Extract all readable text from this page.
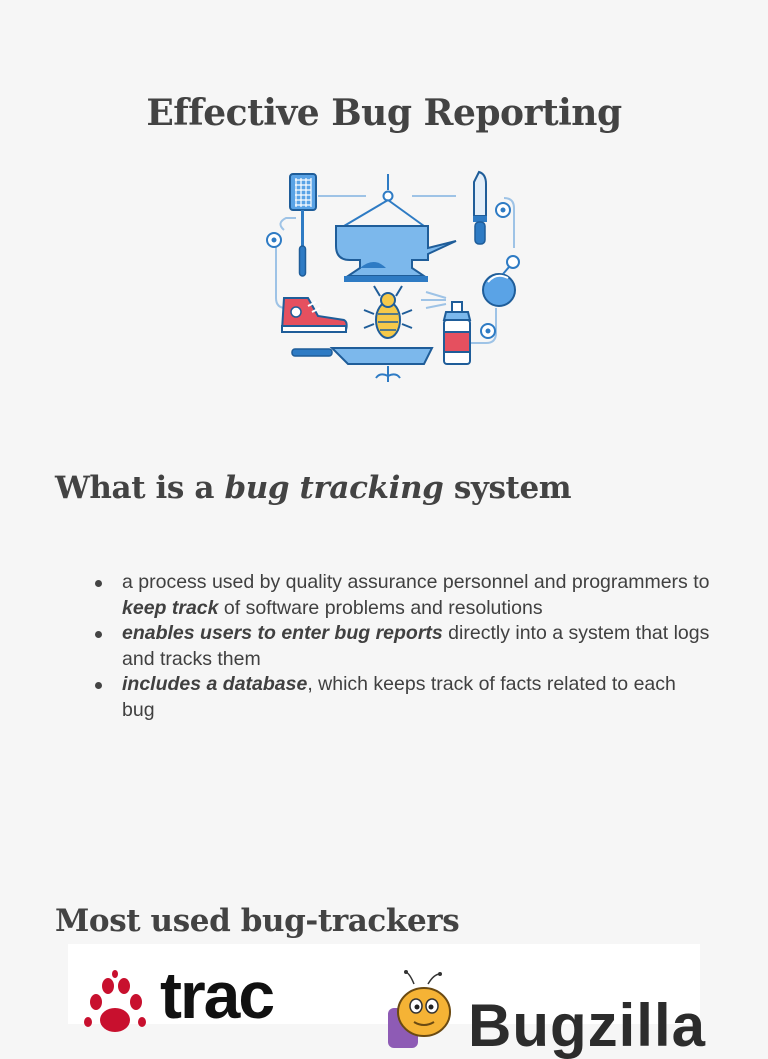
Effective Bug Reporting
What is a bug tracking system
a process used by quality assurance personnel and programmers to keep track of software problems and resolutions
enables users to enter bug reports directly into a system that logs and tracks them
includes a database, which keeps track of facts related to each bug
Most used bug-trackers
trac	Bugzilla
